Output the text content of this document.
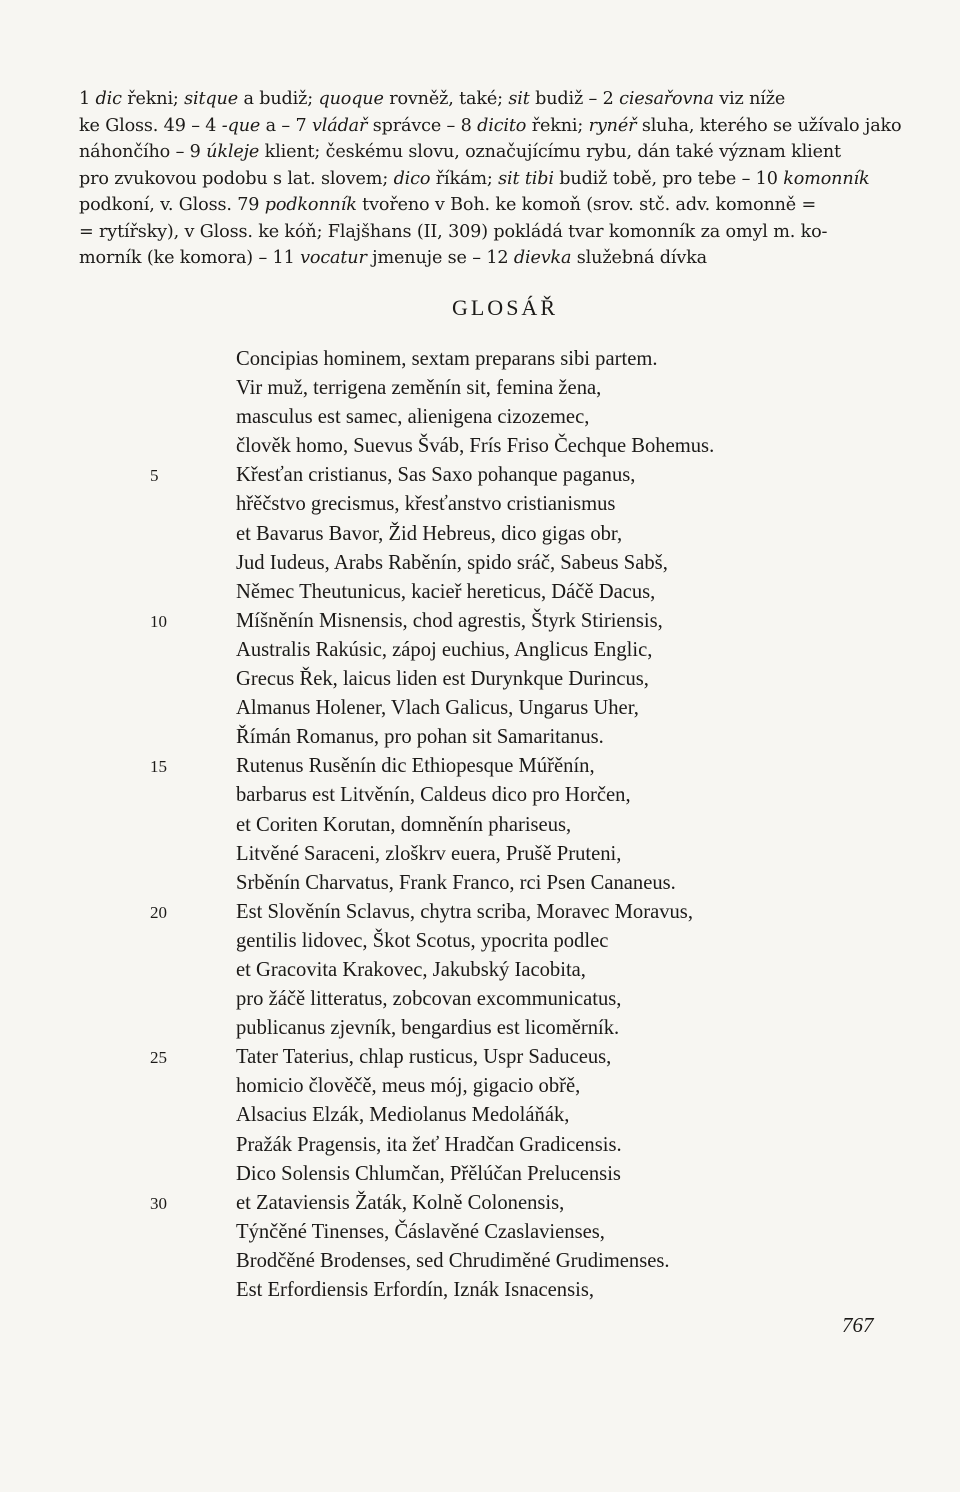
1 dic řekni; sitque a budiž; quoque rovněž, také; sit budiž – 2 ciesařovna viz níže
ke Gloss. 49 – 4 -que a – 7 vládař správce – 8 dicito řekni; rynéř sluha, kterého se užívalo jako
náhončího – 9 úkleje klient; českému slovu, označujícímu rybu, dán také význam klient
pro zvukovou podobu s lat. slovem; dico říkám; sit tibi budiž tobě, pro tebe – 10 komonník
podkoní, v. Gloss. 79 podkonník tvořeno v Boh. ke komoň (srov. stč. adv. komonně =
= rytířsky), v Gloss. ke kóň; Flajšhans (II, 309) pokládá tvar komonník za omyl m. ko-
morník (ke komora) – 11 vocatur jmenuje se – 12 dievka služebná dívka
GLOSÁŘ
Concipias hominem, sextam preparans sibi partem.
Vir muž, terrigena zeměnín sit, femina žena,
masculus est samec, alienigena cizozemec,
člověk homo, Suevus Šváb, Frís Friso Čechque Bohemus.
5	Křesťan cristianus, Sas Saxo pohanque paganus,
hřěčstvo grecismus, křesťanstvo cristianismus
et Bavarus Bavor, Žid Hebreus, dico gigas obr,
Jud Iudeus, Arabs Raběnín, spido sráč, Sabeus Sabš,
Němec Theutunicus, kacieř hereticus, Dáčě Dacus,
10	Míšněnín Misnensis, chod agrestis, Štyrk Stiriensis,
Australis Rakúsic, zápoj euchius, Anglicus Englic,
Grecus Řek, laicus liden est Durynkque Durincus,
Almanus Holener, Vlach Galicus, Ungarus Uher,
Římán Romanus, pro pohan sit Samaritanus.
15	Rutenus Rusěnín dic Ethiopesque Múřěnín,
barbarus est Litvěnín, Caldeus dico pro Horčen,
et Coriten Korutan, domněnín phariseus,
Litvěné Saraceni, zloškrv euera, Prušě Pruteni,
Srběnín Charvatus, Frank Franco, rci Psen Cananeus.
20	Est Slověnín Sclavus, chytra scriba, Moravec Moravus,
gentilis lidovec, Škot Scotus, ypocrita podlec
et Gracovita Krakovec, Jakubský Iacobita,
pro žáčě litteratus, zobcovan excommunicatus,
publicanus zjevník, bengardius est licoměrník.
25	Tater Taterius, chlap rusticus, Uspr Saduceus,
homicio člověčě, meus mój, gigacio obřě,
Alsacius Elzák, Mediolanus Medoláňák,
Pražák Pragensis, ita žeť Hradčan Gradicensis.
Dico Solensis Chlumčan, Přělúčan Prelucensis
30	et Zataviensis Žaták, Kolně Colonensis,
Týnčěné Tinenses, Čáslavěné Czaslavienses,
Brodčěné Brodenses, sed Chrudiměné Grudimenses.
Est Erfordiensis Erfordín, Iznák Isnacensis,
767
